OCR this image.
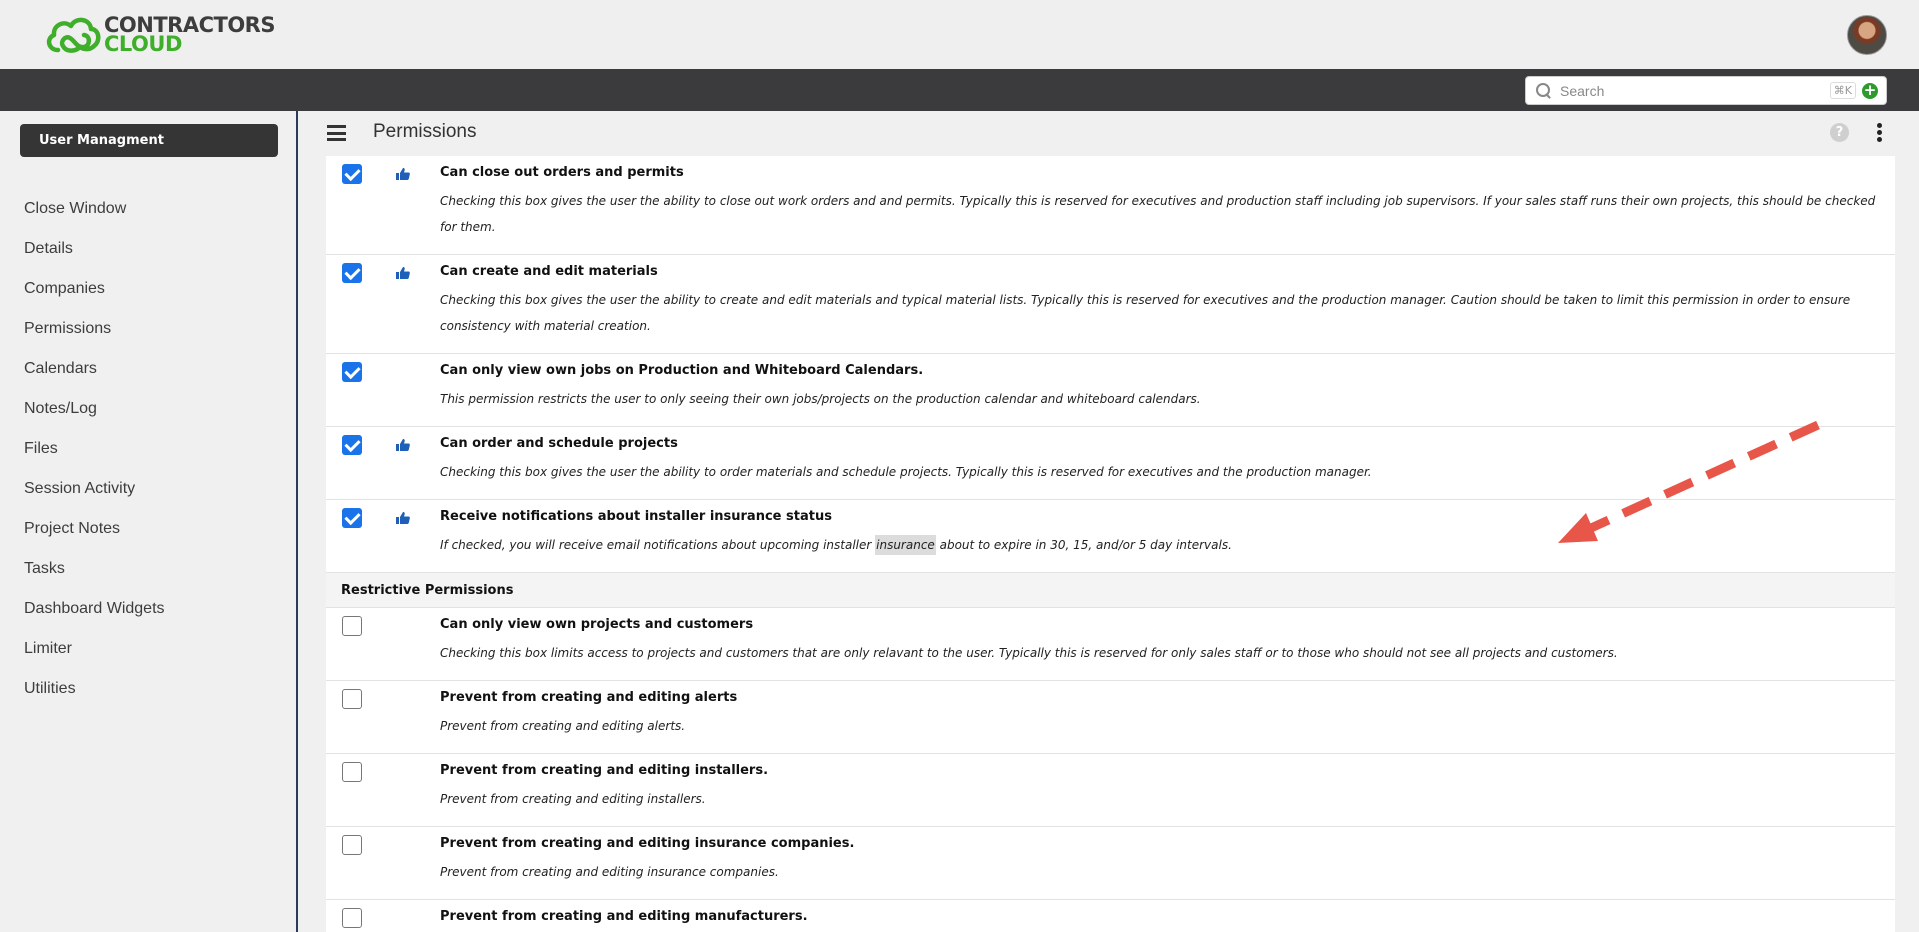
CONTRACTORS
CLOUD
Search
⌘K +
User Managment
Close Window
Details
Companies
Permissions
Calendars
Notes/Log
Files
Session Activity
Project Notes
Tasks
Dashboard Widgets
Limiter
Utilities
Permissions	?
Can close out orders and permits
Checking this box gives the user the ability to close out work orders and and permits. Typically this is reserved for executives and production staff including job supervisors. If your sales staff runs their own projects, this should be checked for them.
Can create and edit materials
Checking this box gives the user the ability to create and edit materials and typical material lists. Typically this is reserved for executives and the production manager. Caution should be taken to limit this permission in order to ensure consistency with material creation.
Can only view own jobs on Production and Whiteboard Calendars.
This permission restricts the user to only seeing their own jobs/projects on the production calendar and whiteboard calendars.
Can order and schedule projects
Checking this box gives the user the ability to order materials and schedule projects. Typically this is reserved for executives and the production manager.
Receive notifications about installer insurance status
If checked, you will receive email notifications about upcoming installer insurance about to expire in 30, 15, and/or 5 day intervals.
Restrictive Permissions
Can only view own projects and customers
Checking this box limits access to projects and customers that are only relavant to the user. Typically this is reserved for only sales staff or to those who should not see all projects and customers.
Prevent from creating and editing alerts
Prevent from creating and editing alerts.
Prevent from creating and editing installers.
Prevent from creating and editing installers.
Prevent from creating and editing insurance companies.
Prevent from creating and editing insurance companies.
Prevent from creating and editing manufacturers.
